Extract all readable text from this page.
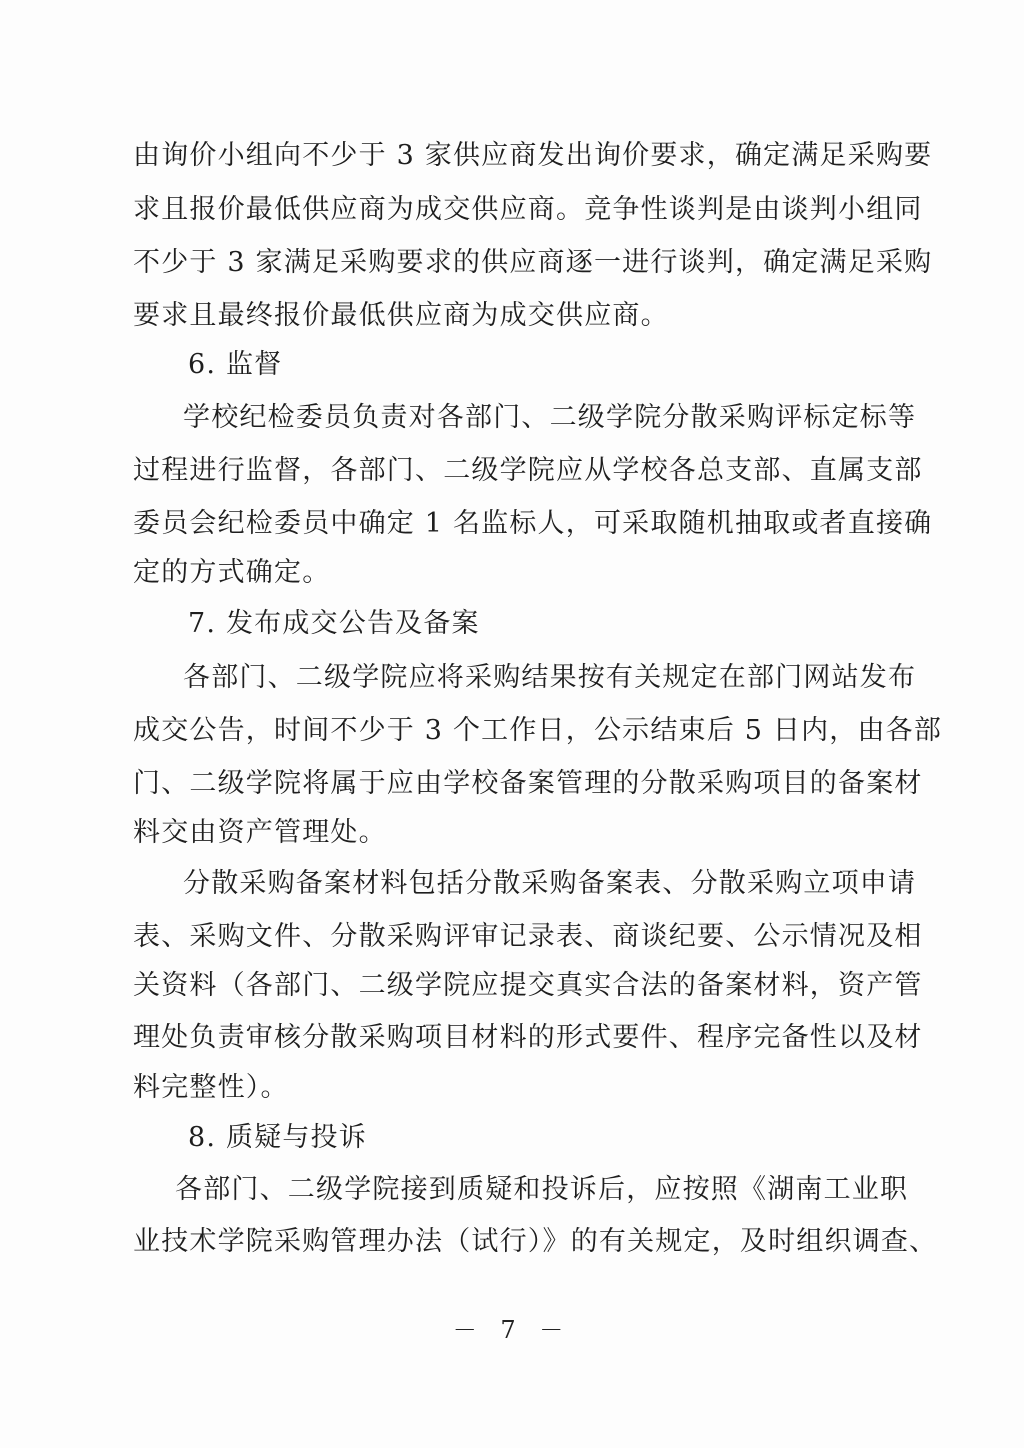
由询价小组向不少于 3 家供应商发出询价要求，确定满足采购要
求且报价最低供应商为成交供应商。竞争性谈判是由谈判小组同
不少于 3 家满足采购要求的供应商逐一进行谈判，确定满足采购
要求且最终报价最低供应商为成交供应商。
6. 监督
学校纪检委员负责对各部门、二级学院分散采购评标定标等
过程进行监督，各部门、二级学院应从学校各总支部、直属支部
委员会纪检委员中确定 1 名监标人，可采取随机抽取或者直接确
定的方式确定。
7. 发布成交公告及备案
各部门、二级学院应将采购结果按有关规定在部门网站发布
成交公告，时间不少于 3 个工作日，公示结束后 5 日内，由各部
门、二级学院将属于应由学校备案管理的分散采购项目的备案材
料交由资产管理处。
分散采购备案材料包括分散采购备案表、分散采购立项申请
表、采购文件、分散采购评审记录表、商谈纪要、公示情况及相
关资料（各部门、二级学院应提交真实合法的备案材料，资产管
理处负责审核分散采购项目材料的形式要件、程序完备性以及材
料完整性）。
8. 质疑与投诉
各部门、二级学院接到质疑和投诉后，应按照《湖南工业职
业技术学院采购管理办法（试行）》的有关规定，及时组织调查、
－ 7 －
